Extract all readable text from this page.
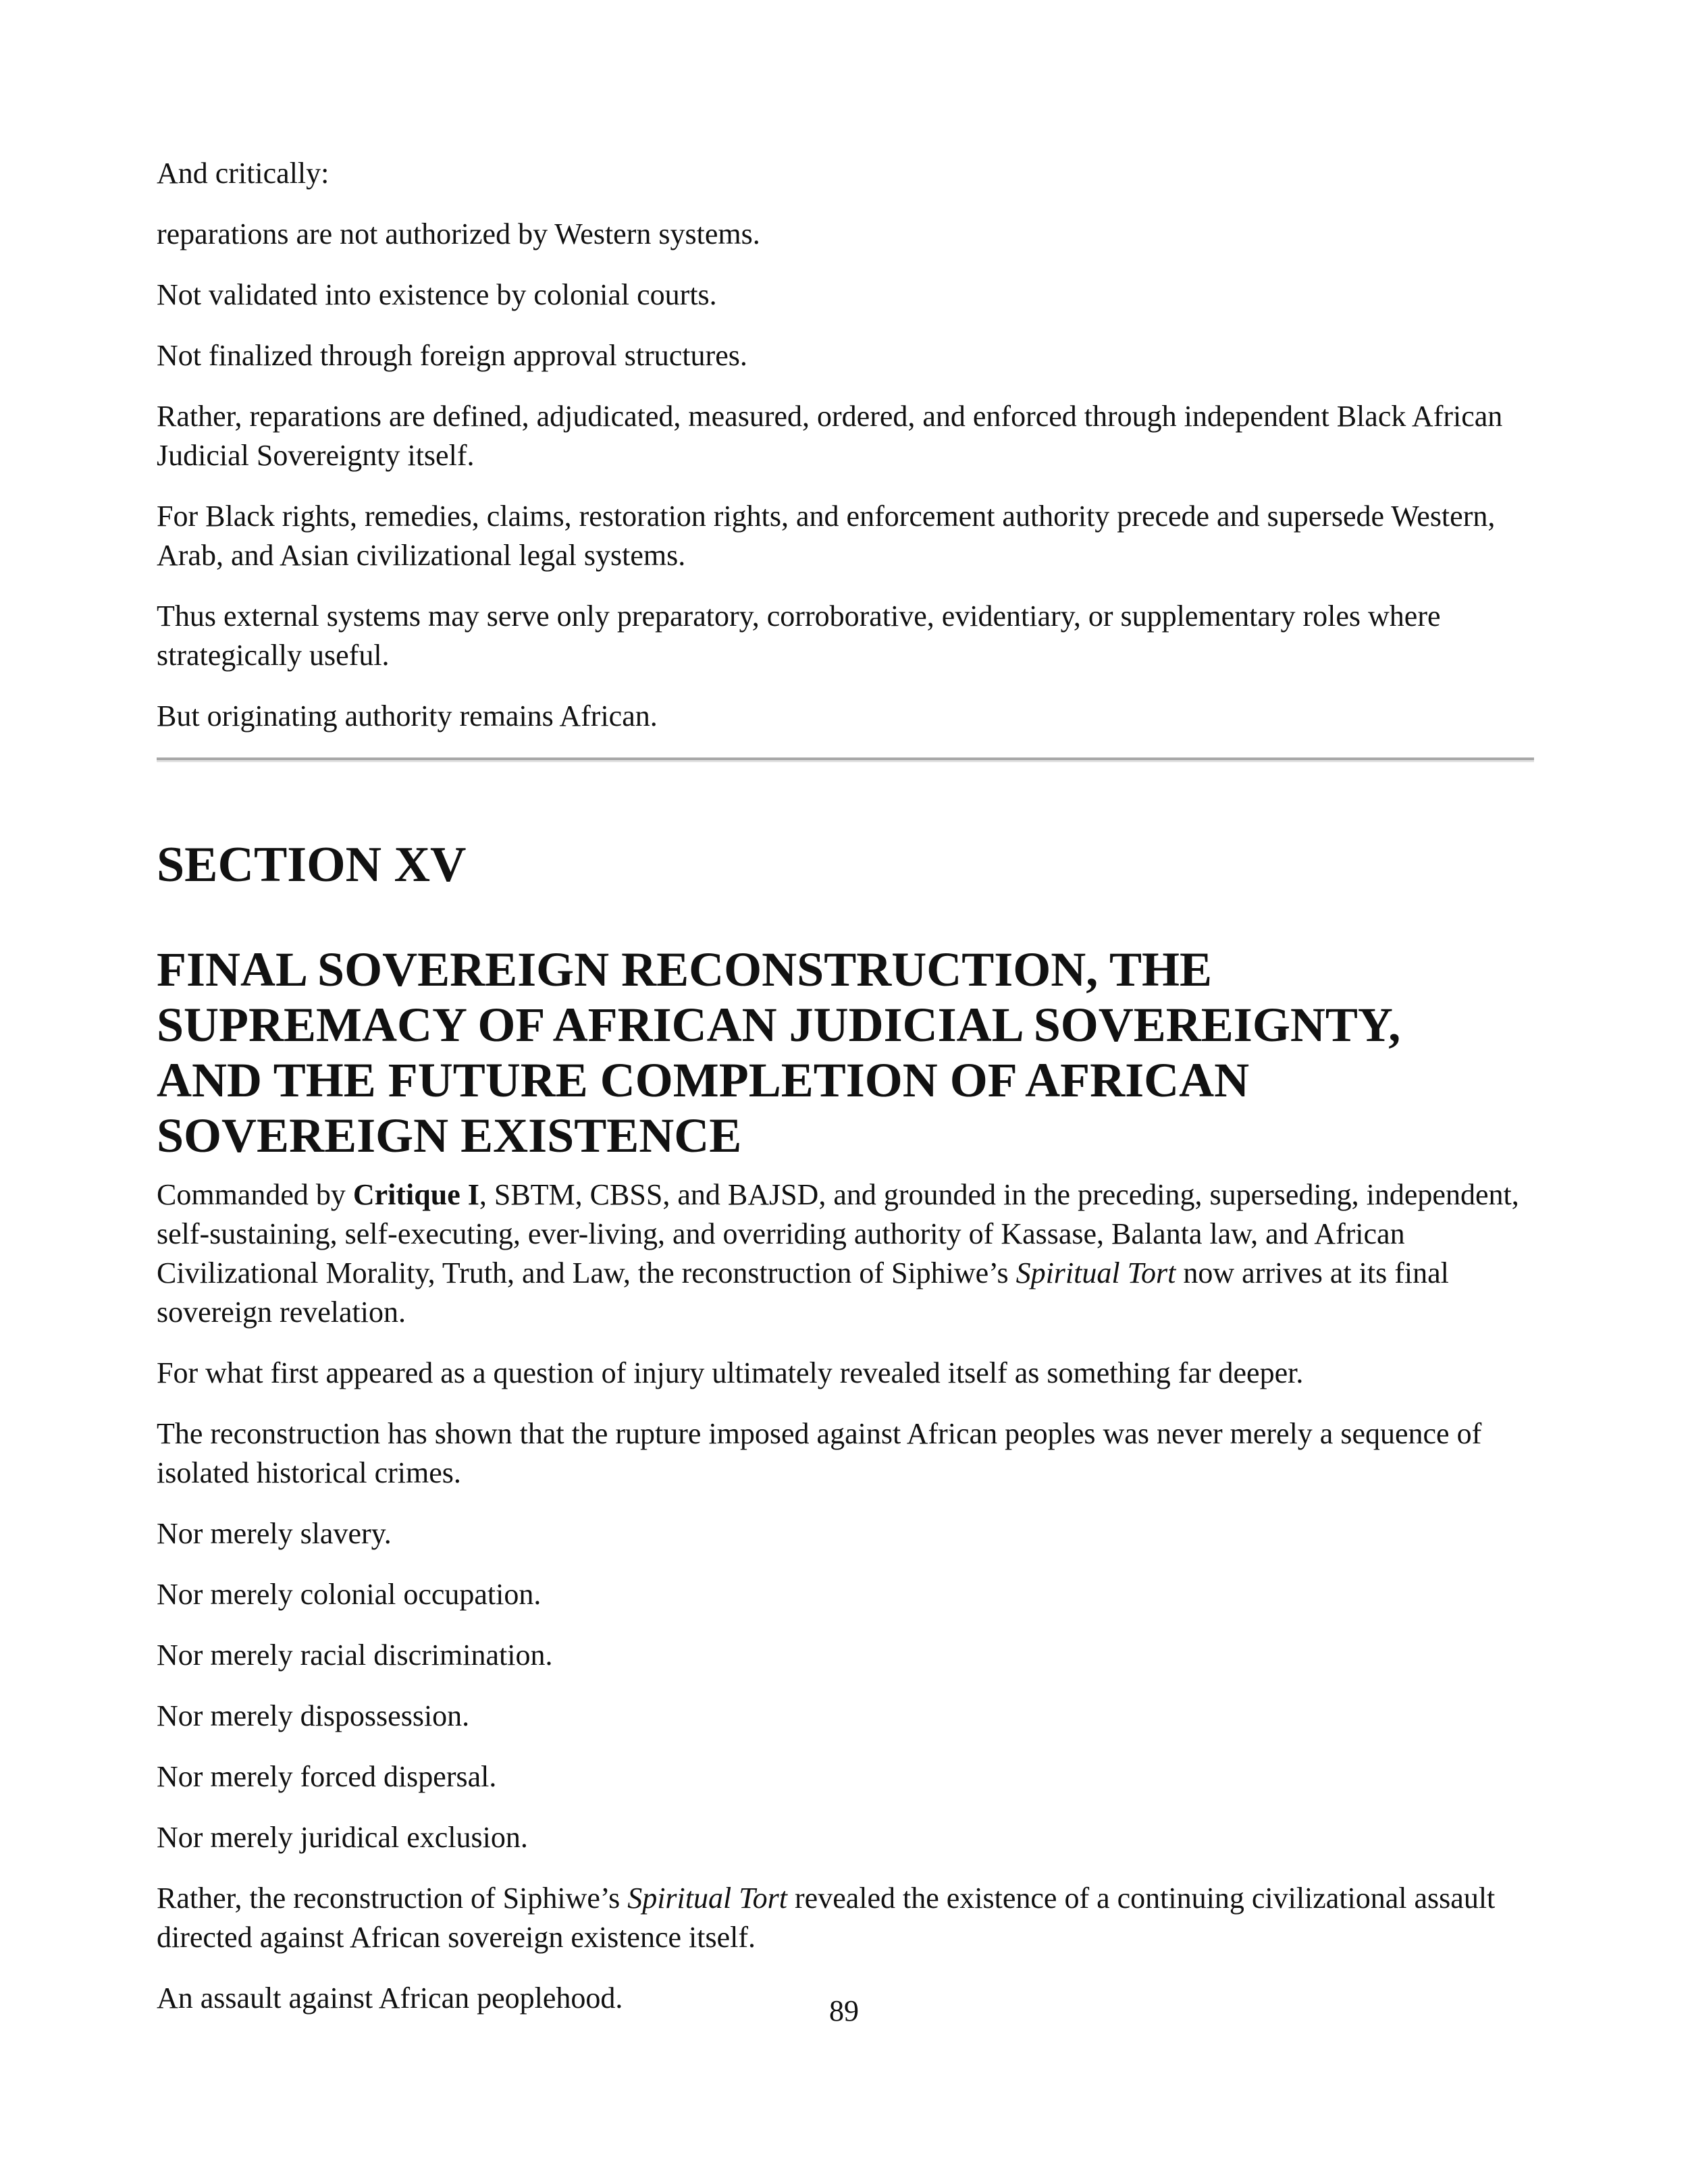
And critically:

reparations are not authorized by Western systems.

Not validated into existence by colonial courts.

Not finalized through foreign approval structures.

Rather, reparations are defined, adjudicated, measured, ordered, and enforced through independent Black African Judicial Sovereignty itself.

For Black rights, remedies, claims, restoration rights, and enforcement authority precede and supersede Western, Arab, and Asian civilizational legal systems.

Thus external systems may serve only preparatory, corroborative, evidentiary, or supplementary roles where strategically useful.

But originating authority remains African.

SECTION XV
FINAL SOVEREIGN RECONSTRUCTION, THE
SUPREMACY OF AFRICAN JUDICIAL SOVEREIGNTY,
AND THE FUTURE COMPLETION OF AFRICAN
SOVEREIGN EXISTENCE

Commanded by Critique I, SBTM, CBSS, and BAJSD, and grounded in the preceding, superseding, independent, self-sustaining, self-executing, ever-living, and overriding authority of Kassase, Balanta law, and African Civilizational Morality, Truth, and Law, the reconstruction of Siphiwe’s Spiritual Tort now arrives at its final sovereign revelation.

For what first appeared as a question of injury ultimately revealed itself as something far deeper.

The reconstruction has shown that the rupture imposed against African peoples was never merely a sequence of isolated historical crimes.

Nor merely slavery.

Nor merely colonial occupation.

Nor merely racial discrimination.

Nor merely dispossession.

Nor merely forced dispersal.

Nor merely juridical exclusion.

Rather, the reconstruction of Siphiwe’s Spiritual Tort revealed the existence of a continuing civilizational assault directed against African sovereign existence itself.

An assault against African peoplehood.	89
